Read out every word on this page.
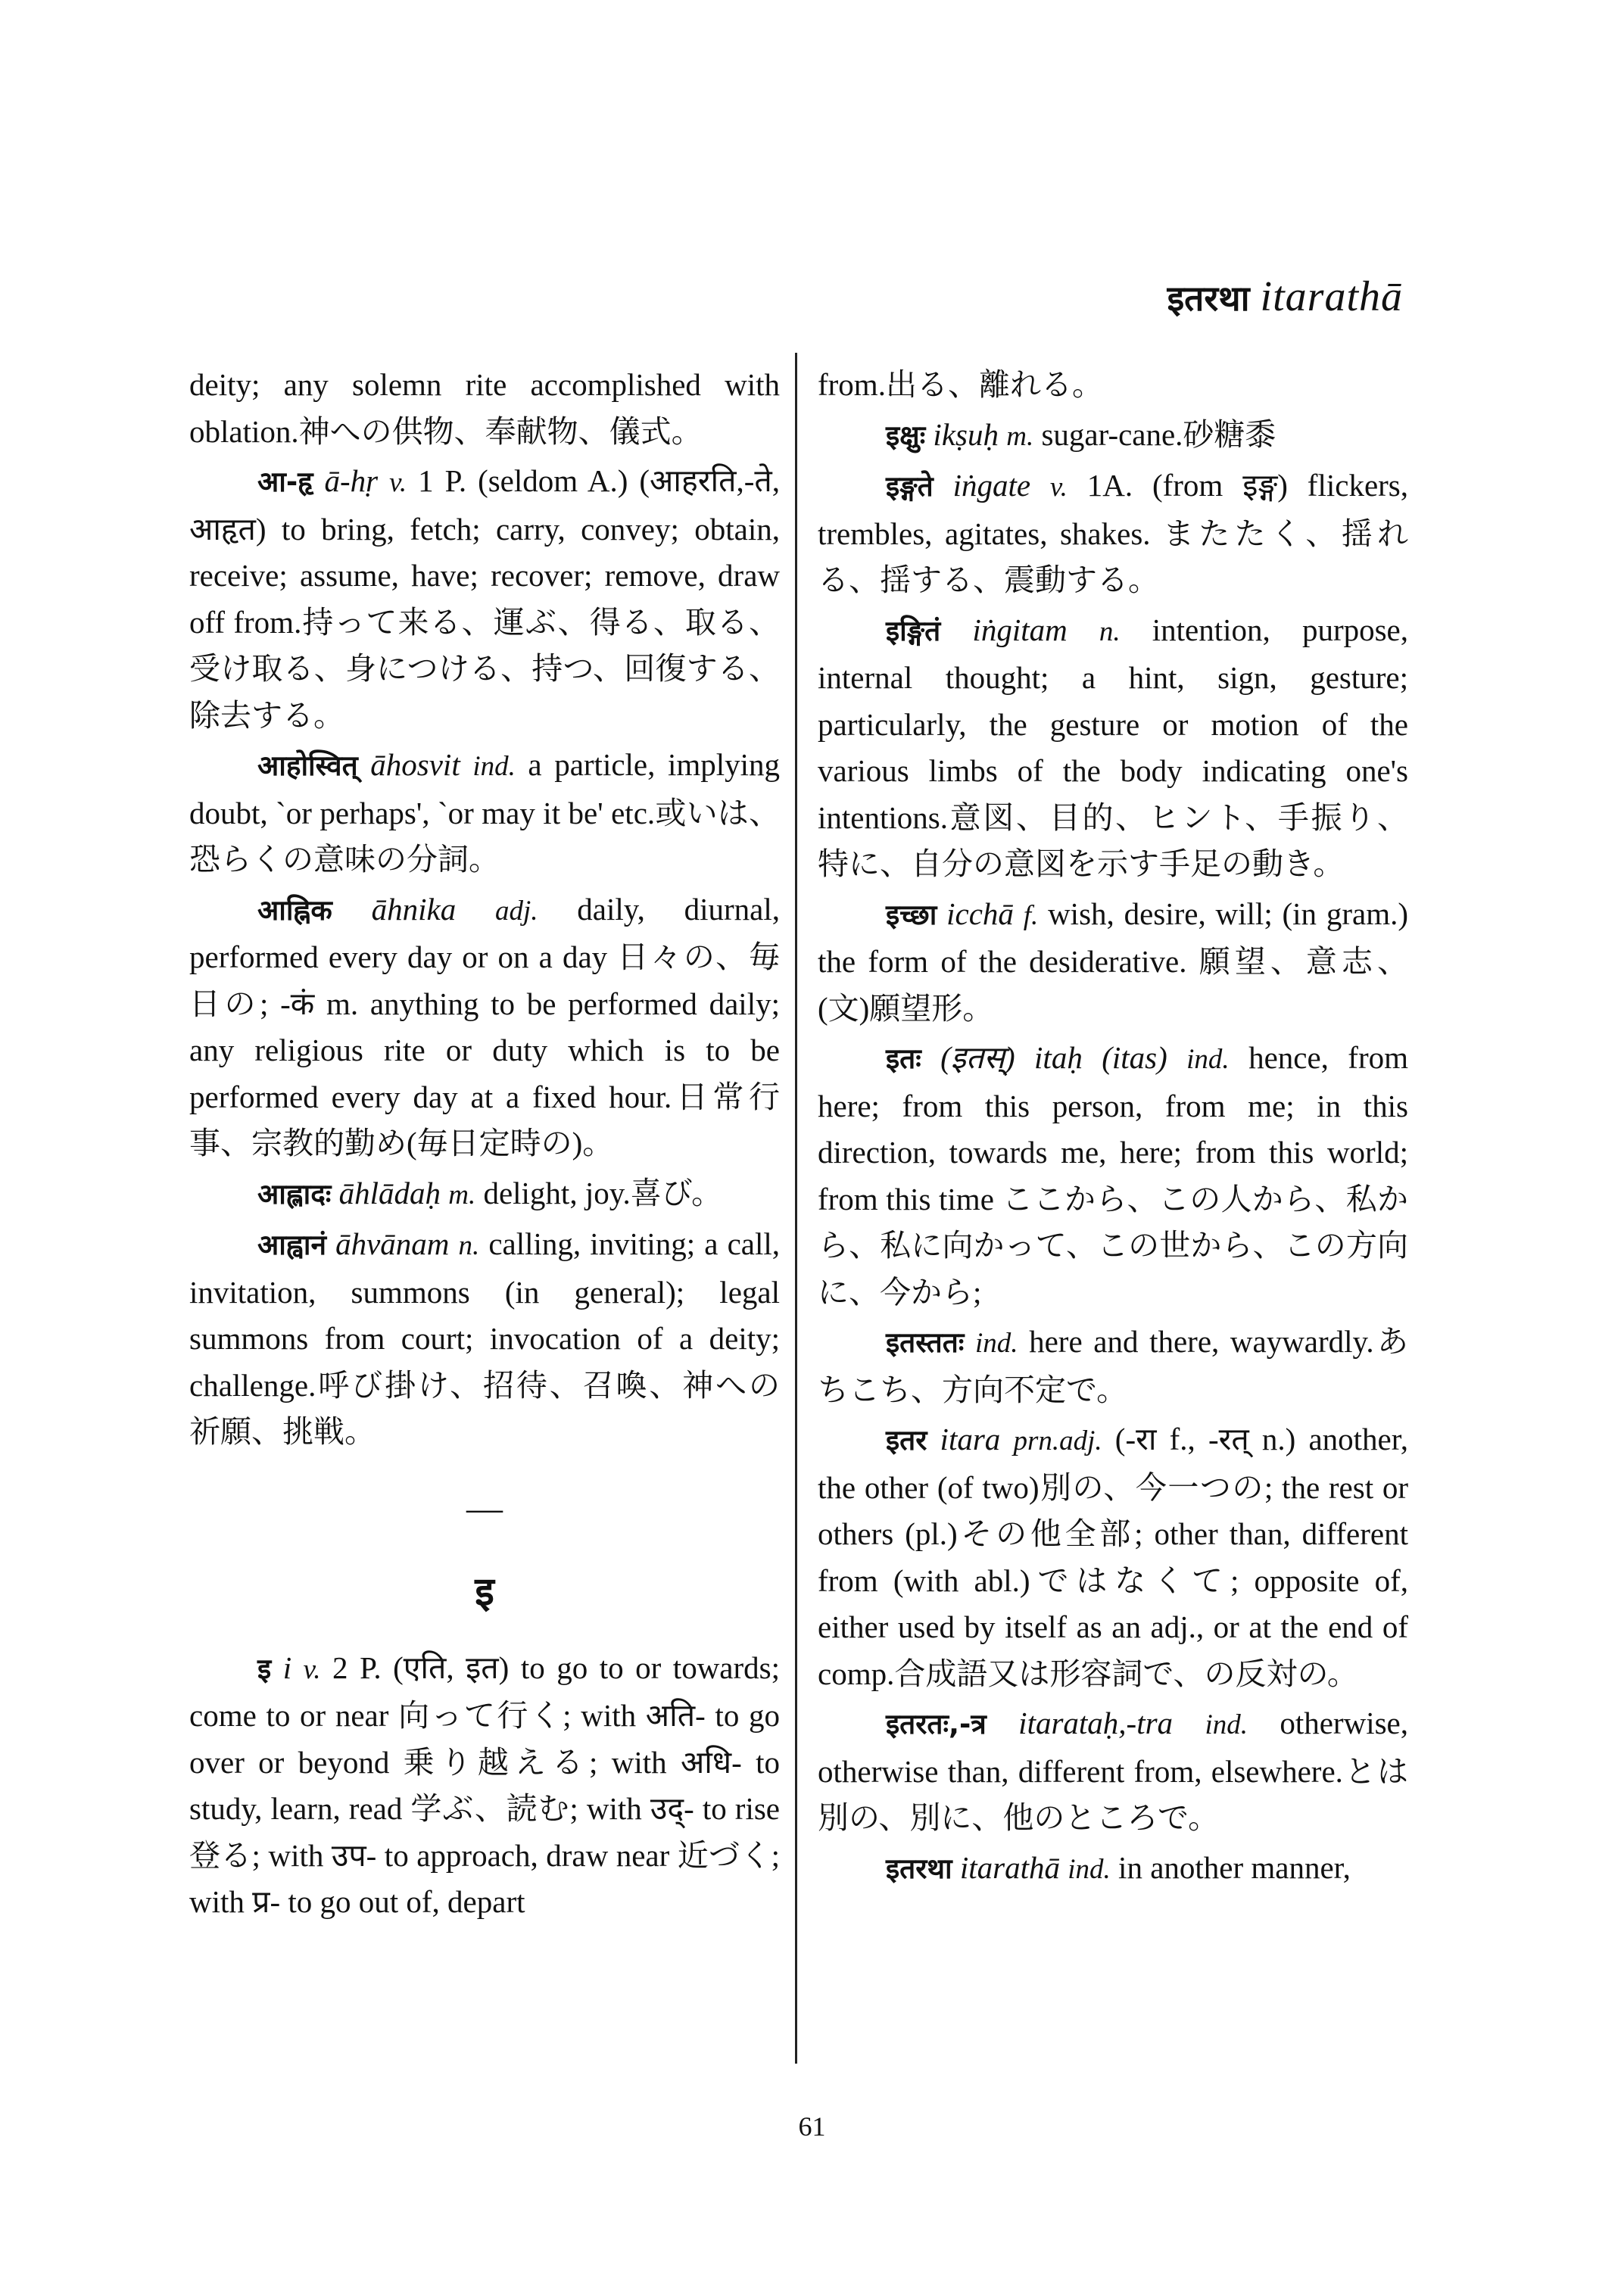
इतरथा itarathā

deity; any solemn rite accomplished with oblation.神への供物、奉献物、儀式。

आ-हृ ā-hṛ v. 1 P. (seldom A.) (आहरति,-ते, आहृत) to bring, fetch; carry, convey; obtain, receive; assume, have; recover; remove, draw off from.持って来る、運ぶ、得る、取る、受け取る、身につける、持つ、回復する、除去する。

आहोस्वित् āhosvit ind. a particle, implying doubt, `or perhaps', `or may it be' etc.或いは、恐らくの意味の分詞。

आह्निक āhnika adj. daily, diurnal, performed every day or on a day 日々の、毎日の; -कं m. anything to be performed daily; any religious rite or duty which is to be performed every day at a fixed hour.日常行事、宗教的勤め(毎日定時の)。

आह्लादः āhlādaḥ m. delight, joy.喜び。

आह्वानं āhvānam n. calling, inviting; a call, invitation, summons (in general); legal summons from court; invocation of a deity; challenge.呼び掛け、招待、召喚、神への祈願、挑戦。

—
इ

इ i v. 2 P. (एति, इत) to go to or towards; come to or near 向って行く; with अति- to go over or beyond 乗り越える; with अधि- to study, learn, read 学ぶ、読む; with उद्- to rise 登る; with उप- to approach, draw near 近づく; with प्र- to go out of, depart

from.出る、離れる。

इक्षुः ikṣuḥ m. sugar-cane.砂糖黍

इङ्गते iṅgate v. 1A. (from इङ्ग) flickers, trembles, agitates, shakes. またたく、揺れる、揺する、震動する。

इङ्गितं iṅgitam n. intention, purpose, internal thought; a hint, sign, gesture; particularly, the gesture or motion of the various limbs of the body indicating one's intentions.意図、目的、ヒント、手振り、特に、自分の意図を示す手足の動き。

इच्छा icchā f. wish, desire, will; (in gram.) the form of the desiderative. 願望、意志、(文)願望形。

इतः (इतस्) itaḥ (itas) ind. hence, from here; from this person, from me; in this direction, towards me, here; from this world; from this time ここから、この人から、私から、私に向かって、この世から、この方向に、今から;

इतस्ततः ind. here and there, waywardly.あちこち、方向不定で。

इतर itara prn.adj. (-रा f., -रत् n.) another, the other (of two)別の、今一つの; the rest or others (pl.)その他全部; other than, different from (with abl.)ではなくて; opposite of, either used by itself as an adj., or at the end of comp.合成語又は形容詞で、の反対の。

इतरतः,-त्र itarataḥ,-tra ind. otherwise, otherwise than, different from, elsewhere.とは別の、別に、他のところで。

इतरथा itarathā ind. in another manner,

61
